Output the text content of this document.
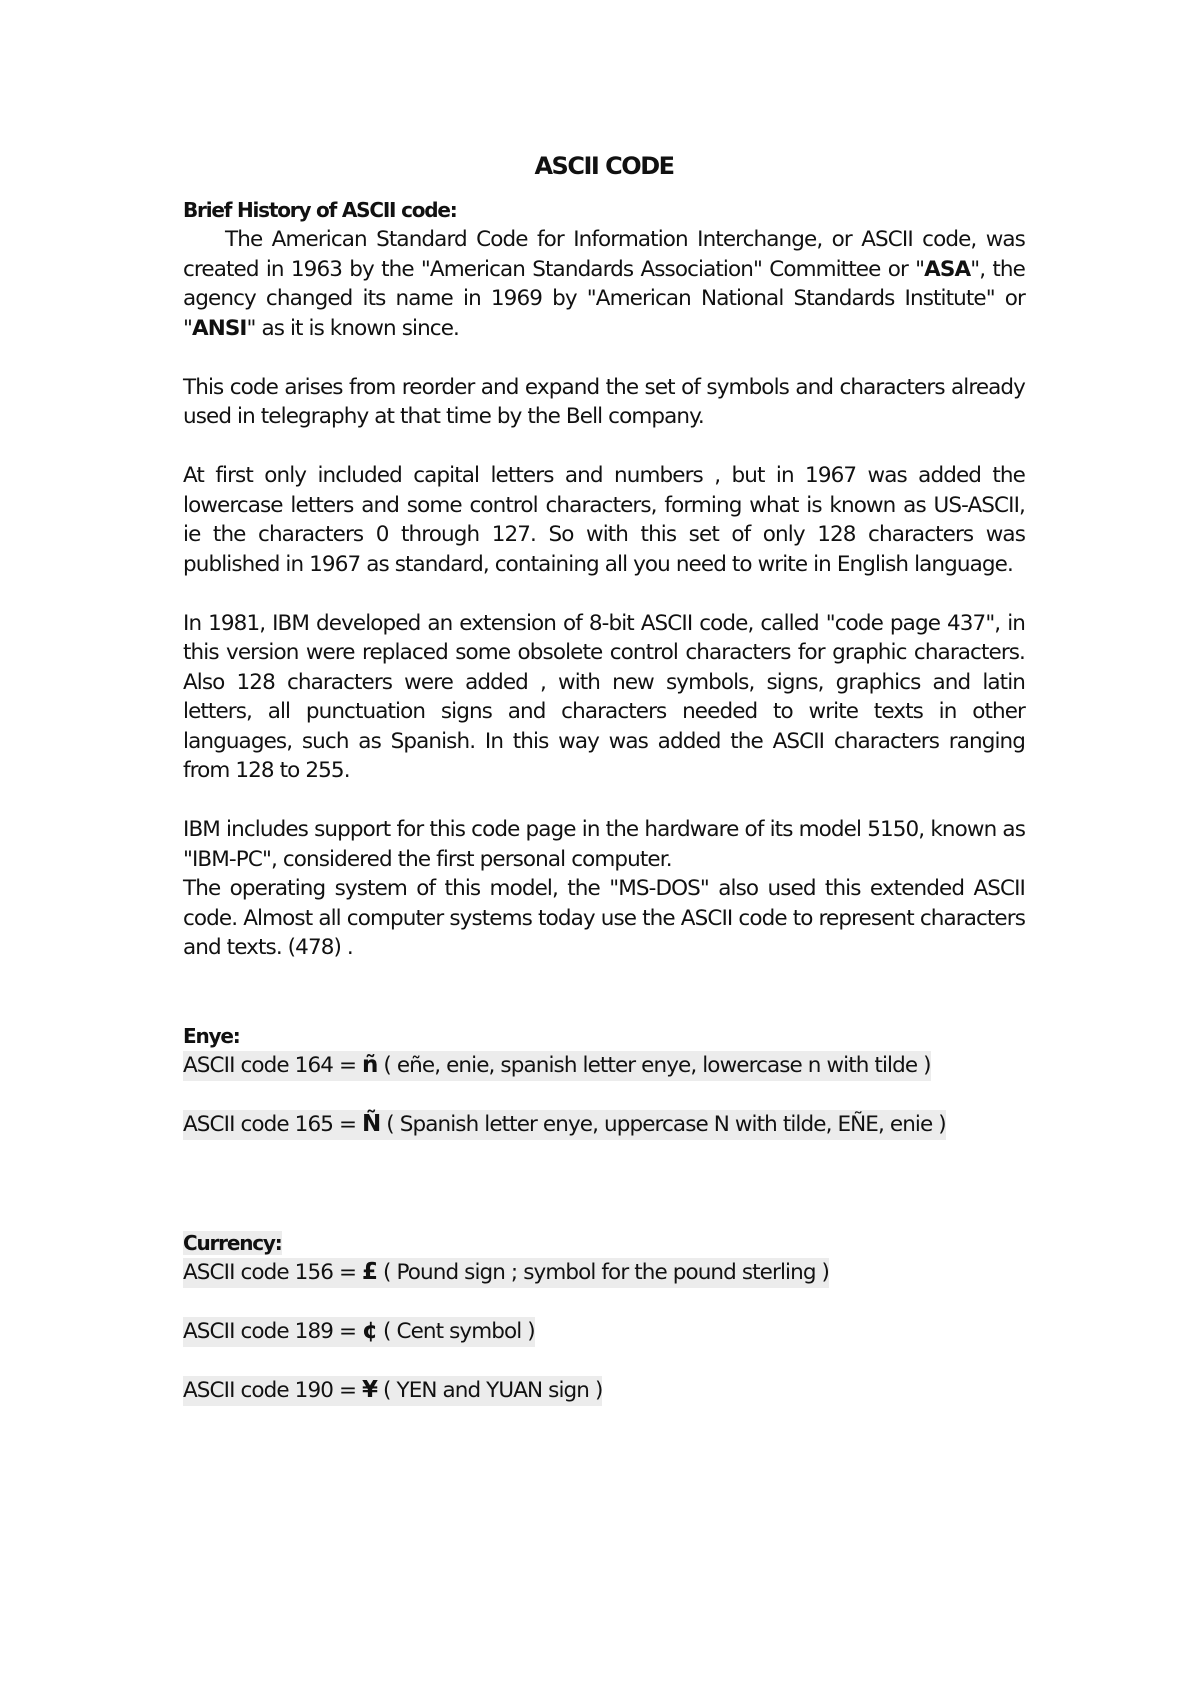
ASCII CODE
Brief History of ASCII code:

The American Standard Code for Information Interchange, or ASCII code, was created in 1963 by the "American Standards Association" Committee or "ASA", the agency changed its name in 1969 by "American National Standards Institute" or "ANSI" as it is known since.

This code arises from reorder and expand the set of symbols and characters already used in telegraphy at that time by the Bell company.

At first only included capital letters and numbers , but in 1967 was added the lowercase letters and some control characters, forming what is known as US-ASCII, ie the characters 0 through 127. So with this set of only 128 characters was published in 1967 as standard, containing all you need to write in English language.

In 1981, IBM developed an extension of 8-bit ASCII code, called "code page 437", in this version were replaced some obsolete control characters for graphic characters. Also 128 characters were added , with new symbols, signs, graphics and latin letters, all punctuation signs and characters needed to write texts in other languages, such as Spanish. In this way was added the ASCII characters ranging from 128 to 255.

IBM includes support for this code page in the hardware of its model 5150, known as "IBM-PC", considered the first personal computer.

The operating system of this model, the "MS-DOS" also used this extended ASCII code. Almost all computer systems today use the ASCII code to represent characters and texts. (478) .

Enye:
ASCII code 164 = ñ ( eñe, enie, spanish letter enye, lowercase n with tilde )
ASCII code 165 = Ñ ( Spanish letter enye, uppercase N with tilde, EÑE, enie )
Currency:
ASCII code 156 = £ ( Pound sign ; symbol for the pound sterling )
ASCII code 189 = ¢ ( Cent symbol )
ASCII code 190 = ¥ ( YEN and YUAN sign )
